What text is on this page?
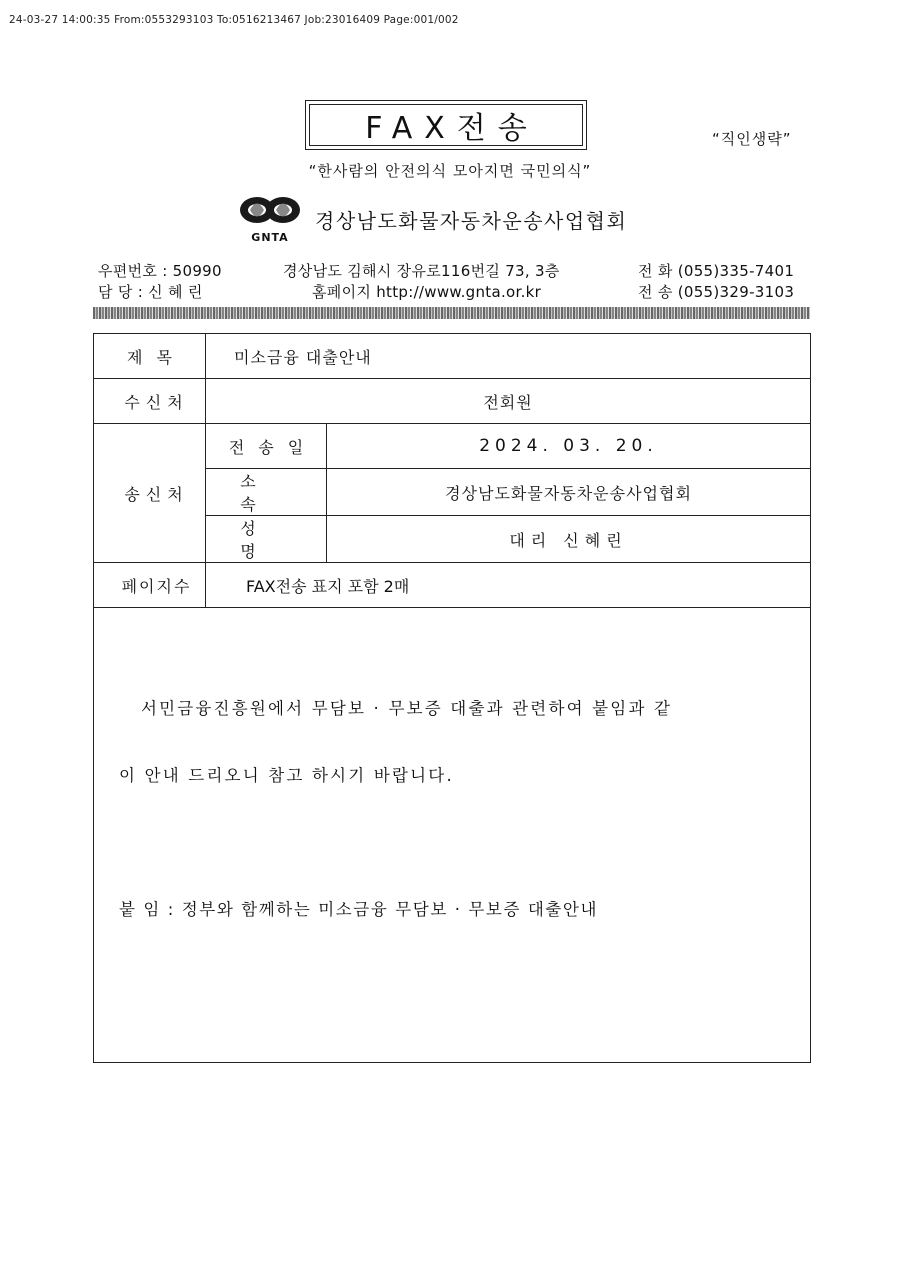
24-03-27 14:00:35 From:0553293103 To:0516213467 Job:23016409 Page:001/002
FAX전송	“직인생략”
“한사람의 안전의식 모아지면 국민의식”
GNTA
경상남도화물자동차운송사업협회
우편번호 : 50990	경상남도 김해시 장유로116번길 73, 3층	전 화 (055)335-7401
담 당 : 신 혜 린	홈페이지 http://www.gnta.or.kr	전 송 (055)329-3103
제목	미소금융 대출안내	
수신처	전회원	
송신처	전송일	2024. 03. 20.
	소속	경상남도화물자동차운송사업협회
	성명	대리 신혜린
페이지수	FAX전송 표지 포함 2매	
서민금융진흥원에서 무담보 · 무보증 대출과 관련하여 붙임과 같
이 안내 드리오니 참고 하시기 바랍니다.
붙 임 : 정부와 함께하는 미소금융 무담보 · 무보증 대출안내
